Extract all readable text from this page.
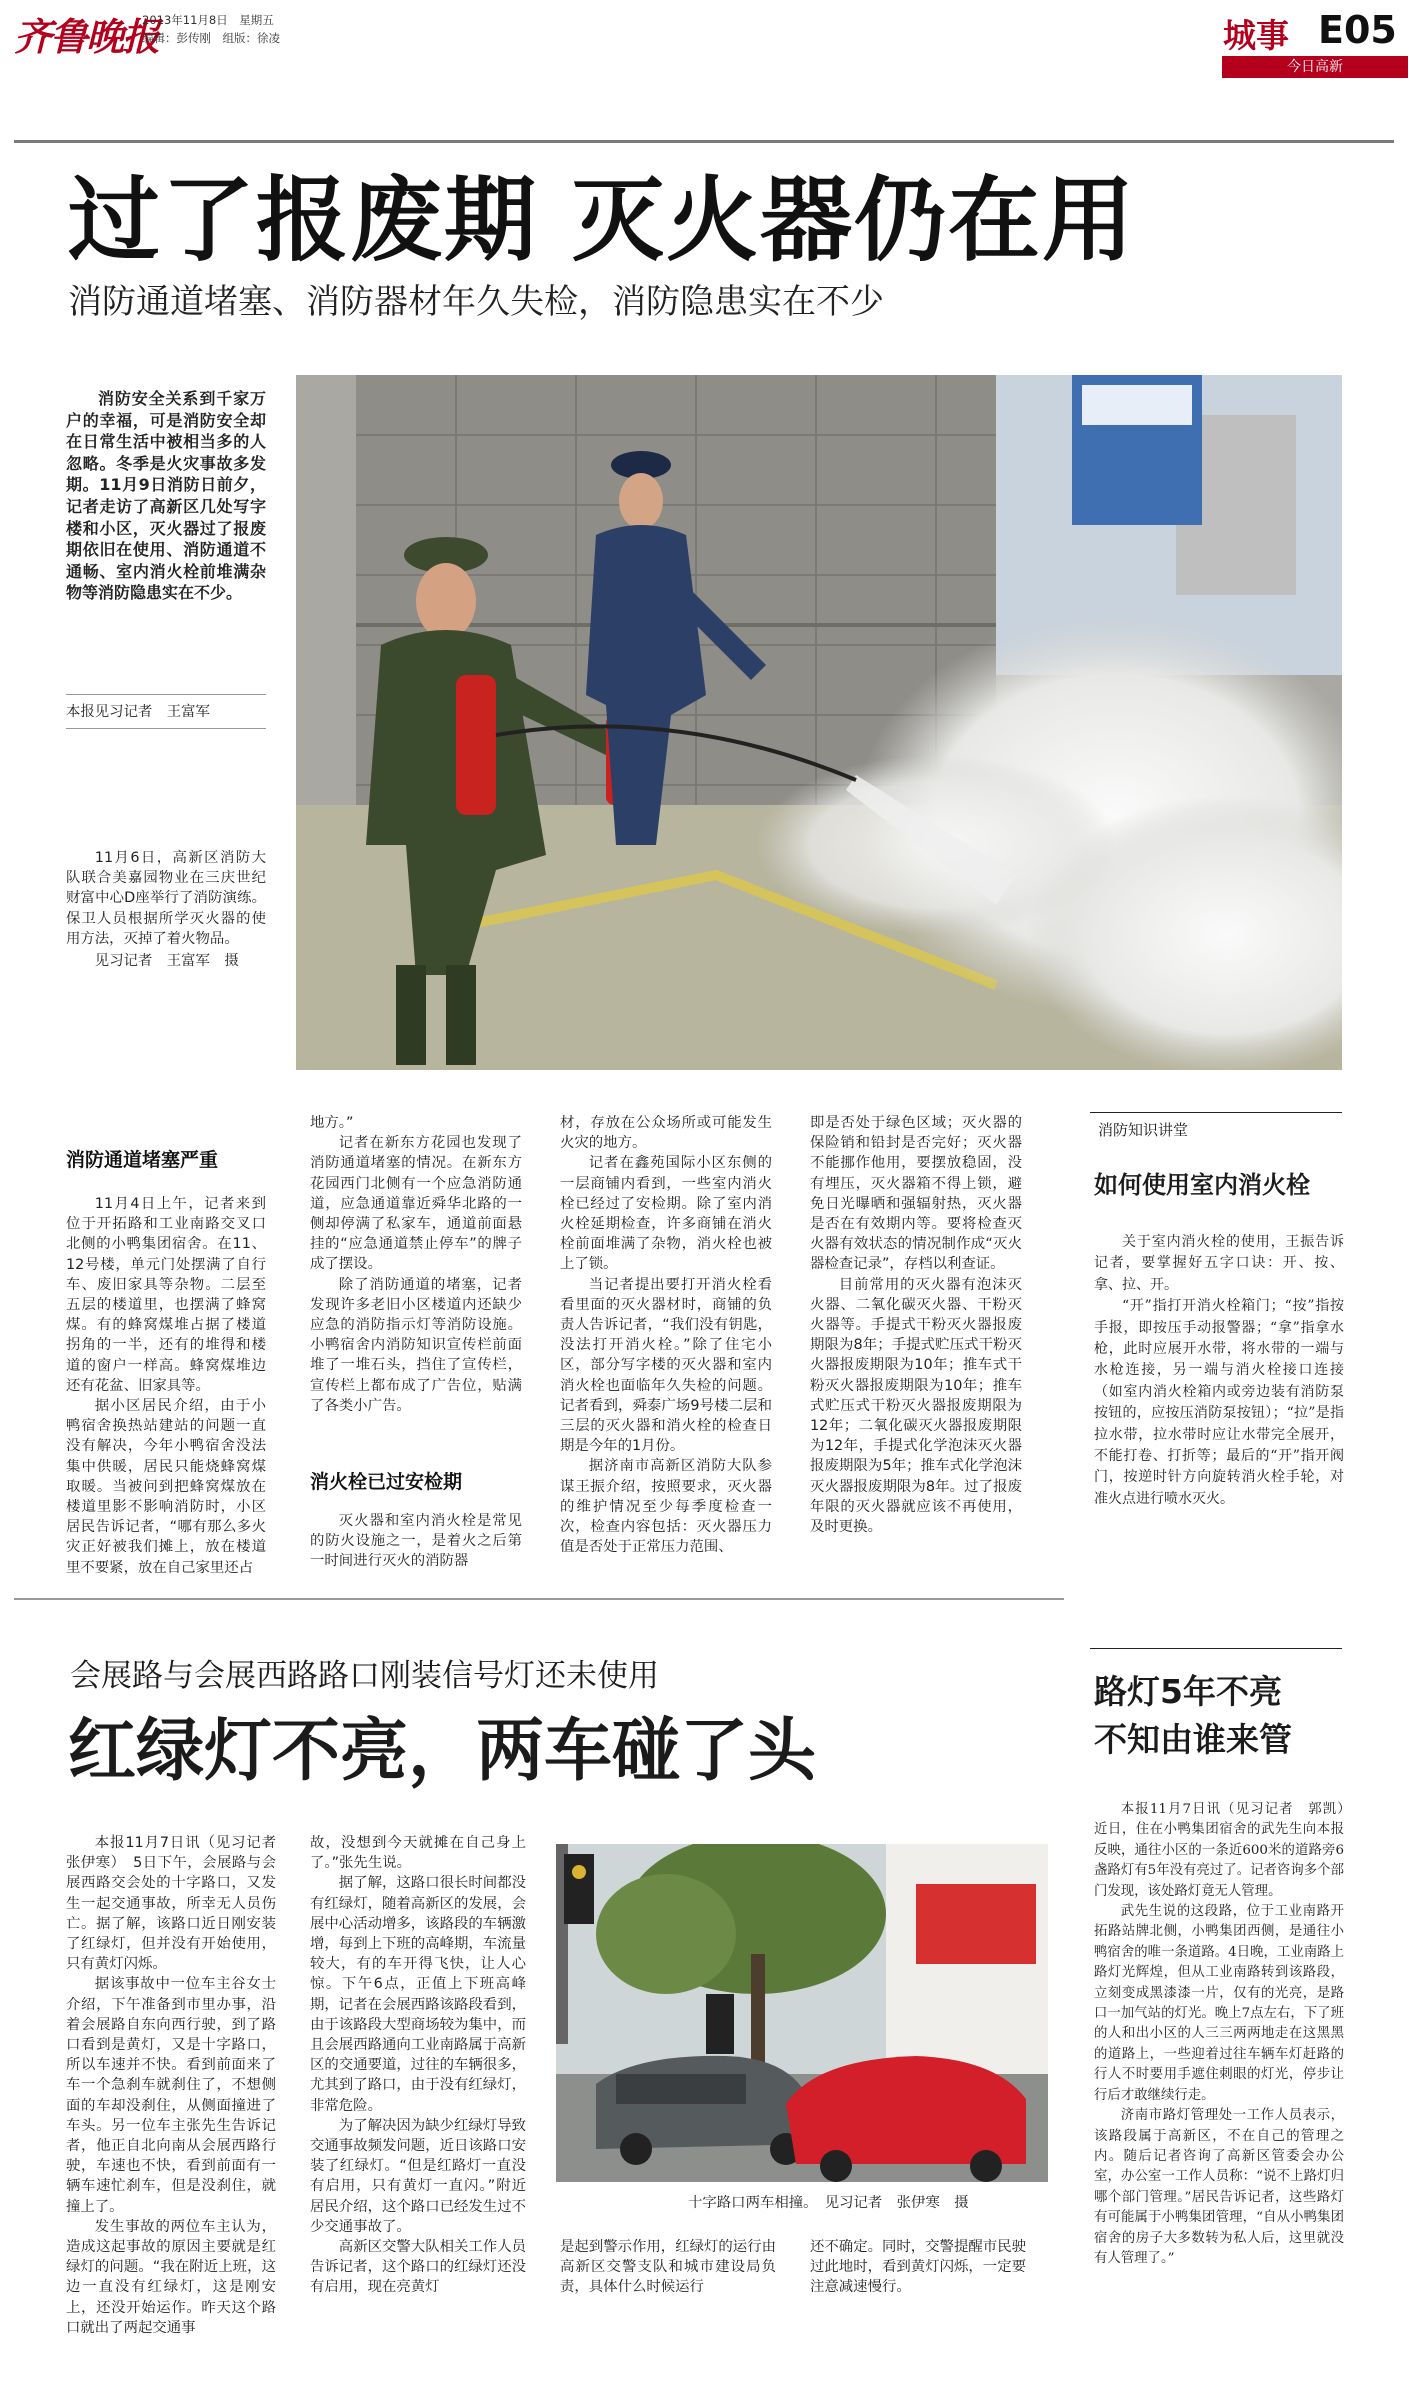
齐鲁晚报
2013年11月8日　星期五
编辑：彭传刚　组版：徐凌	城事 E05
今日高新
过了报废期 灭火器仍在用
消防通道堵塞、消防器材年久失检，消防隐患实在不少

消防安全关系到千家万户的幸福，可是消防安全却在日常生活中被相当多的人忽略。冬季是火灾事故多发期。11月9日消防日前夕，记者走访了高新区几处写字楼和小区，灭火器过了报废期依旧在使用、消防通道不通畅、室内消火栓前堆满杂物等消防隐患实在不少。

本报见习记者　王富军

11月6日，高新区消防大队联合美嘉园物业在三庆世纪财富中心D座举行了消防演练。保卫人员根据所学灭火器的使用方法，灭掉了着火物品。

见习记者　王富军　摄

消防通道堵塞严重

11月4日上午，记者来到位于开拓路和工业南路交叉口北侧的小鸭集团宿舍。在11、12号楼，单元门处摆满了自行车、废旧家具等杂物。二层至五层的楼道里，也摆满了蜂窝煤。有的蜂窝煤堆占据了楼道拐角的一半，还有的堆得和楼道的窗户一样高。蜂窝煤堆边还有花盆、旧家具等。

据小区居民介绍，由于小鸭宿舍换热站建站的问题一直没有解决，今年小鸭宿舍没法集中供暖，居民只能烧蜂窝煤取暖。当被问到把蜂窝煤放在楼道里影不影响消防时，小区居民告诉记者，“哪有那么多火灾正好被我们摊上，放在楼道里不要紧，放在自己家里还占

地方。”

记者在新东方花园也发现了消防通道堵塞的情况。在新东方花园西门北侧有一个应急消防通道，应急通道靠近舜华北路的一侧却停满了私家车，通道前面悬挂的“应急通道禁止停车”的牌子成了摆设。

除了消防通道的堵塞，记者发现许多老旧小区楼道内还缺少应急的消防指示灯等消防设施。小鸭宿舍内消防知识宣传栏前面堆了一堆石头，挡住了宣传栏，宣传栏上都布成了广告位，贴满了各类小广告。

消火栓已过安检期

灭火器和室内消火栓是常见的防火设施之一，是着火之后第一时间进行灭火的消防器

材，存放在公众场所或可能发生火灾的地方。

记者在鑫苑国际小区东侧的一层商铺内看到，一些室内消火栓已经过了安检期。除了室内消火栓延期检查，许多商铺在消火栓前面堆满了杂物，消火栓也被上了锁。

当记者提出要打开消火栓看看里面的灭火器材时，商铺的负责人告诉记者，“我们没有钥匙，没法打开消火栓。”除了住宅小区，部分写字楼的灭火器和室内消火栓也面临年久失检的问题。记者看到，舜泰广场9号楼二层和三层的灭火器和消火栓的检查日期是今年的1月份。

据济南市高新区消防大队参谋王振介绍，按照要求，灭火器的维护情况至少每季度检查一次，检查内容包括：灭火器压力值是否处于正常压力范围、

即是否处于绿色区域；灭火器的保险销和铅封是否完好；灭火器不能挪作他用，要摆放稳固，没有埋压，灭火器箱不得上锁，避免日光曝晒和强辐射热，灭火器是否在有效期内等。要将检查灭火器有效状态的情况制作成“灭火器检查记录”，存档以利查证。

目前常用的灭火器有泡沫灭火器、二氧化碳灭火器、干粉灭火器等。手提式干粉灭火器报废期限为8年；手提式贮压式干粉灭火器报废期限为10年；推车式干粉灭火器报废期限为10年；推车式贮压式干粉灭火器报废期限为12年；二氧化碳灭火器报废期限为12年，手提式化学泡沫灭火器报废期限为5年；推车式化学泡沫灭火器报废期限为8年。过了报废年限的灭火器就应该不再使用，及时更换。

消防知识讲堂
如何使用室内消火栓

关于室内消火栓的使用，王振告诉记者，要掌握好五字口诀：开、按、拿、拉、开。

“开”指打开消火栓箱门；“按”指按手报，即按压手动报警器；“拿”指拿水枪，此时应展开水带，将水带的一端与水枪连接，另一端与消火栓接口连接（如室内消火栓箱内或旁边装有消防泵按钮的，应按压消防泵按钮）；“拉”是指拉水带，拉水带时应让水带完全展开，不能打卷、打折等；最后的“开”指开阀门，按逆时针方向旋转消火栓手轮，对准火点进行喷水灭火。

会展路与会展西路路口刚装信号灯还未使用
红绿灯不亮，两车碰了头

本报11月7日讯（见习记者　张伊寒）　5日下午，会展路与会展西路交会处的十字路口，又发生一起交通事故，所幸无人员伤亡。据了解，该路口近日刚安装了红绿灯，但并没有开始使用，只有黄灯闪烁。

据该事故中一位车主谷女士介绍，下午准备到市里办事，沿着会展路自东向西行驶，到了路口看到是黄灯，又是十字路口，所以车速并不快。看到前面来了车一个急刹车就刹住了，不想侧面的车却没刹住，从侧面撞进了车头。另一位车主张先生告诉记者，他正自北向南从会展西路行驶，车速也不快，看到前面有一辆车速忙刹车，但是没刹住，就撞上了。

发生事故的两位车主认为，造成这起事故的原因主要就是红绿灯的问题。“我在附近上班，这边一直没有红绿灯，这是刚安上，还没开始运作。昨天这个路口就出了两起交通事

故，没想到今天就摊在自己身上了。”张先生说。

据了解，这路口很长时间都没有红绿灯，随着高新区的发展，会展中心活动增多，该路段的车辆激增，每到上下班的高峰期，车流量较大，有的车开得飞快，让人心惊。下午6点，正值上下班高峰期，记者在会展西路该路段看到，由于该路段大型商场较为集中，而且会展西路通向工业南路属于高新区的交通要道，过往的车辆很多，尤其到了路口，由于没有红绿灯，非常危险。

为了解决因为缺少红绿灯导致交通事故频发问题，近日该路口安装了红绿灯。“但是红路灯一直没有启用，只有黄灯一直闪。”附近居民介绍，这个路口已经发生过不少交通事故了。

高新区交警大队相关工作人员告诉记者，这个路口的红绿灯还没有启用，现在亮黄灯

十字路口两车相撞。　见习记者　张伊寒　摄

是起到警示作用，红绿灯的运行由高新区交警支队和城市建设局负责，具体什么时候运行

还不确定。同时，交警提醒市民驶过此地时，看到黄灯闪烁，一定要注意减速慢行。

路灯5年不亮
不知由谁来管

本报11月7日讯（见习记者　郭凯）　近日，住在小鸭集团宿舍的武先生向本报反映，通往小区的一条近600米的道路旁6盏路灯有5年没有亮过了。记者咨询多个部门发现，该处路灯竟无人管理。

武先生说的这段路，位于工业南路开拓路站牌北侧，小鸭集团西侧，是通往小鸭宿舍的唯一条道路。4日晚，工业南路上路灯光辉煌，但从工业南路转到该路段，立刻变成黑漆漆一片，仅有的光亮，是路口一加气站的灯光。晚上7点左右，下了班的人和出小区的人三三两两地走在这黑黑的道路上，一些迎着过往车辆车灯赶路的行人不时要用手遮住刺眼的灯光，停步让行后才敢继续行走。

济南市路灯管理处一工作人员表示，该路段属于高新区，不在自己的管理之内。随后记者咨询了高新区管委会办公室，办公室一工作人员称：“说不上路灯归哪个部门管理。”居民告诉记者，这些路灯有可能属于小鸭集团管理，“自从小鸭集团宿舍的房子大多数转为私人后，这里就没有人管理了。”
